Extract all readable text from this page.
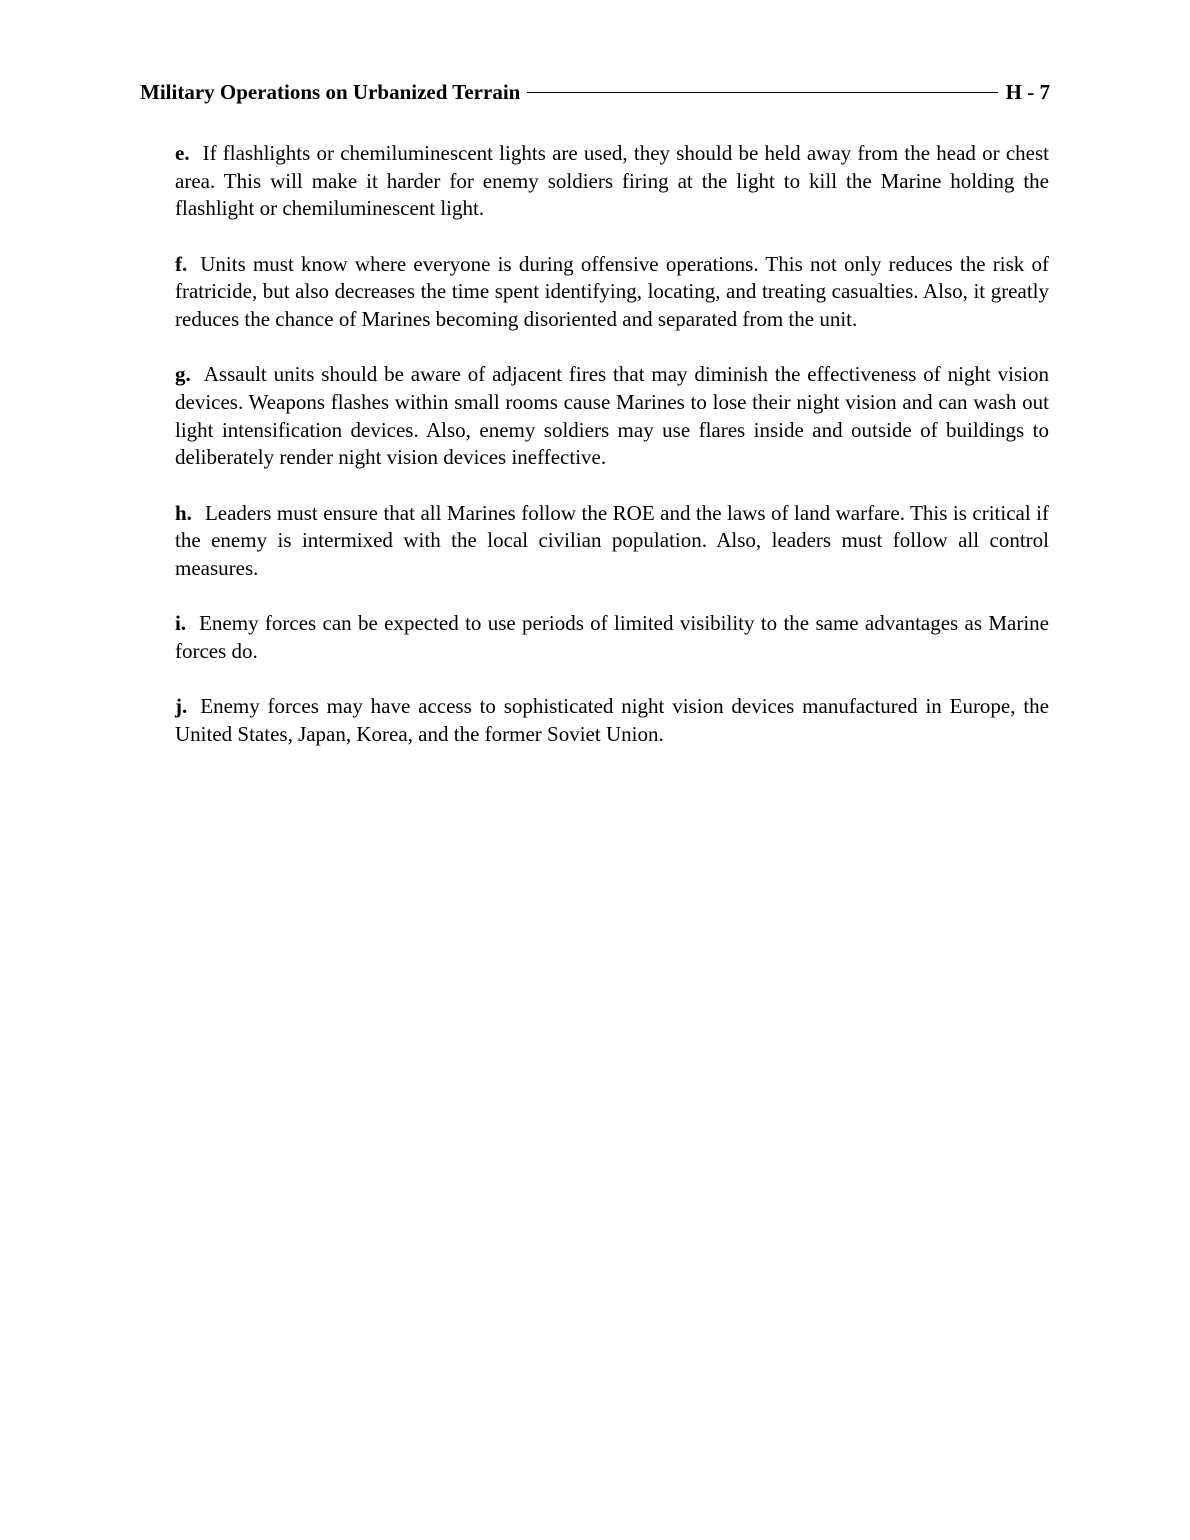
Military Operations on Urbanized Terrain	H - 7

e. If flashlights or chemiluminescent lights are used, they should be held away from the head or chest area. This will make it harder for enemy soldiers firing at the light to kill the Marine holding the flashlight or chemiluminescent light.

f. Units must know where everyone is during offensive operations. This not only reduces the risk of fratricide, but also decreases the time spent identifying, locating, and treating casualties. Also, it greatly reduces the chance of Marines becoming disoriented and separated from the unit.

g. Assault units should be aware of adjacent fires that may diminish the effectiveness of night vision devices. Weapons flashes within small rooms cause Marines to lose their night vision and can wash out light intensification devices. Also, enemy soldiers may use flares inside and outside of buildings to deliberately render night vision devices ineffective.

h. Leaders must ensure that all Marines follow the ROE and the laws of land warfare. This is critical if the enemy is intermixed with the local civilian population. Also, leaders must follow all control measures.

i. Enemy forces can be expected to use periods of limited visibility to the same advantages as Marine forces do.

j. Enemy forces may have access to sophisticated night vision devices manufactured in Europe, the United States, Japan, Korea, and the former Soviet Union.
